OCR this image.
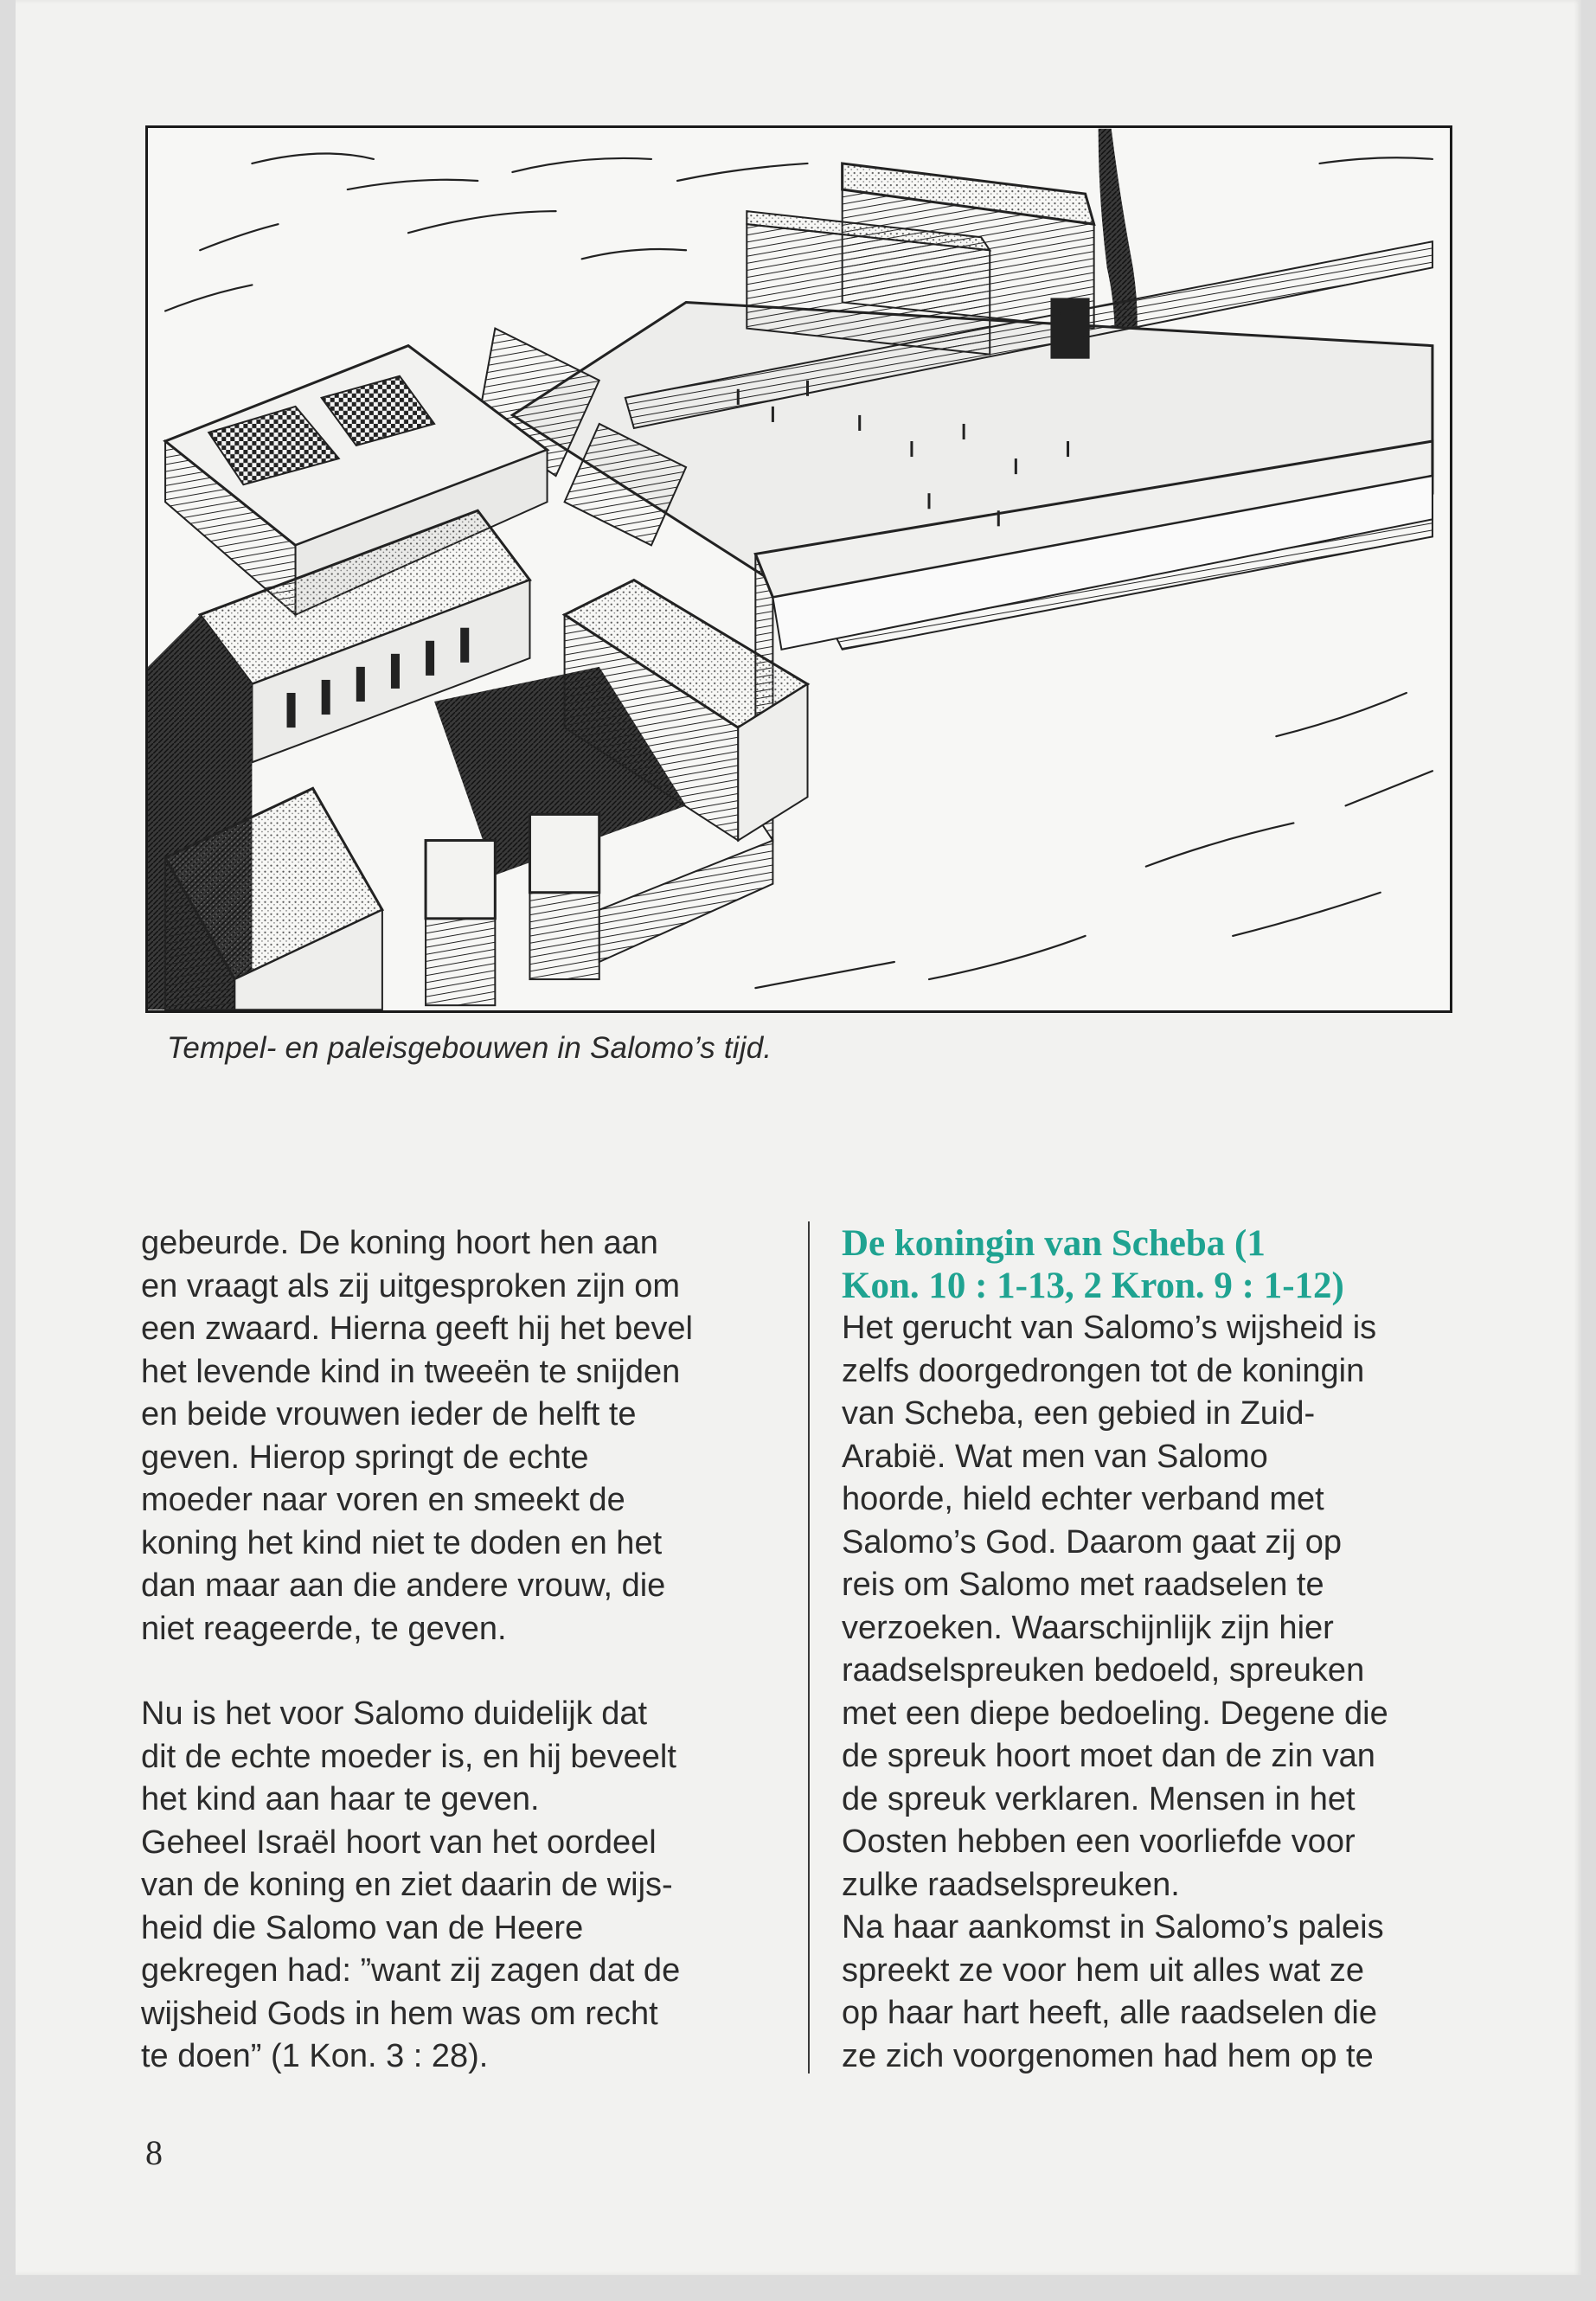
Tempel- en paleisgebouwen in Salomo’s tijd.

gebeurde. De koning hoort hen aan
en vraagt als zij uitgesproken zijn om
een zwaard. Hierna geeft hij het bevel
het levende kind in tweeën te snijden
en beide vrouwen ieder de helft te
geven. Hierop springt de echte
moeder naar voren en smeekt de
koning het kind niet te doden en het
dan maar aan die andere vrouw, die
niet reageerde, te geven.

Nu is het voor Salomo duidelijk dat
dit de echte moeder is, en hij beveelt
het kind aan haar te geven.

Geheel Israël hoort van het oordeel
van de koning en ziet daarin de wijs-
heid die Salomo van de Heere
gekregen had: ”want zij zagen dat de
wijsheid Gods in hem was om recht
te doen” (1 Kon. 3 : 28).

De koningin van Scheba (1
Kon. 10 : 1-13, 2 Kron. 9 : 1-12)

Het gerucht van Salomo’s wijsheid is
zelfs doorgedrongen tot de koningin
van Scheba, een gebied in Zuid-
Arabië. Wat men van Salomo
hoorde, hield echter verband met
Salomo’s God. Daarom gaat zij op
reis om Salomo met raadselen te
verzoeken. Waarschijnlijk zijn hier
raadselspreuken bedoeld, spreuken
met een diepe bedoeling. Degene die
de spreuk hoort moet dan de zin van
de spreuk verklaren. Mensen in het
Oosten hebben een voorliefde voor
zulke raadselspreuken.

Na haar aankomst in Salomo’s paleis
spreekt ze voor hem uit alles wat ze
op haar hart heeft, alle raadselen die
ze zich voorgenomen had hem op te

8
